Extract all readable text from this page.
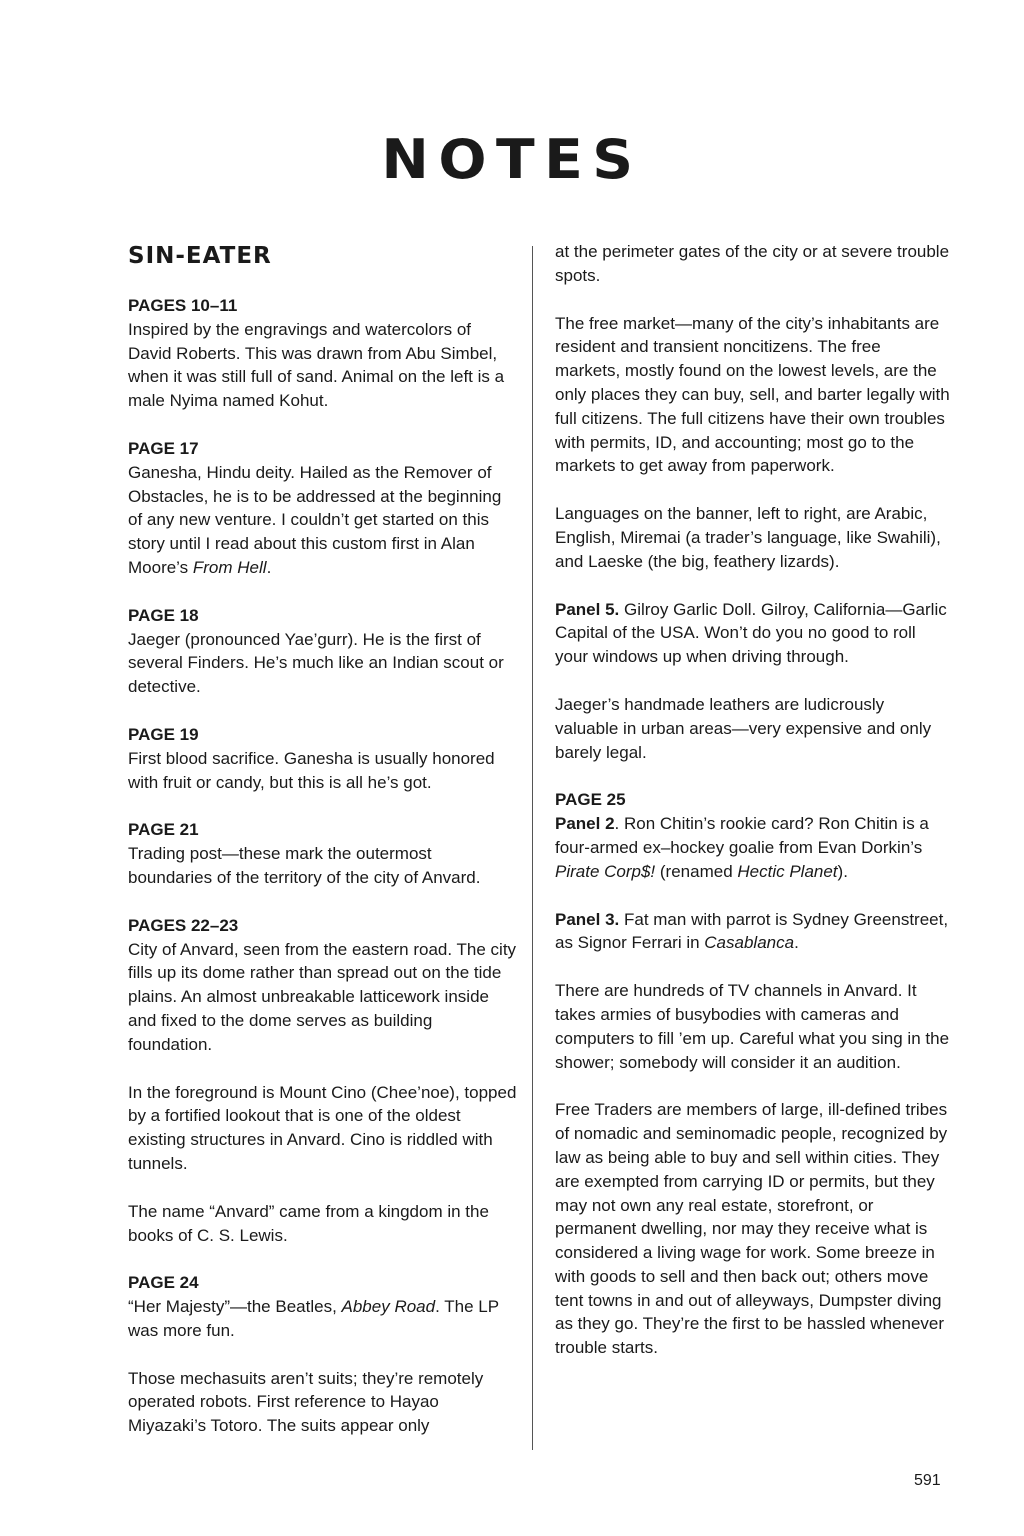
NOTES
SIN-EATER
PAGES 10–11

Inspired by the engravings and watercolors of David Roberts. This was drawn from Abu Simbel, when it was still full of sand. Animal on the left is a male Nyima named Kohut.

PAGE 17

Ganesha, Hindu deity. Hailed as the Remover of Obstacles, he is to be addressed at the beginning of any new venture. I couldn’t get started on this story until I read about this custom first in Alan Moore’s From Hell.

PAGE 18

Jaeger (pronounced Yae’gurr). He is the first of several Finders. He’s much like an Indian scout or detective.

PAGE 19

First blood sacrifice. Ganesha is usually honored with fruit or candy, but this is all he’s got.

PAGE 21

Trading post—these mark the outermost boundaries of the territory of the city of Anvard.

PAGES 22–23

City of Anvard, seen from the eastern road. The city fills up its dome rather than spread out on the tide plains. An almost unbreakable latticework inside and fixed to the dome serves as building foundation.

In the foreground is Mount Cino (Chee’noe), topped by a fortified lookout that is one of the oldest existing structures in Anvard. Cino is riddled with tunnels.

The name “Anvard” came from a kingdom in the books of C. S. Lewis.

PAGE 24

“Her Majesty”—the Beatles, Abbey Road. The LP was more fun.

Those mechasuits aren’t suits; they’re remotely operated robots. First reference to Hayao Miyazaki’s Totoro. The suits appear only

at the perimeter gates of the city or at severe trouble spots.

The free market—many of the city’s inhabitants are resident and transient noncitizens. The free markets, mostly found on the lowest levels, are the only places they can buy, sell, and barter legally with full citizens. The full citizens have their own troubles with permits, ID, and accounting; most go to the markets to get away from paperwork.

Languages on the banner, left to right, are Arabic, English, Miremai (a trader’s language, like Swahili), and Laeske (the big, feathery lizards).

Panel 5. Gilroy Garlic Doll. Gilroy, California—Garlic Capital of the USA. Won’t do you no good to roll your windows up when driving through.

Jaeger’s handmade leathers are ludicrously valuable in urban areas—very expensive and only barely legal.

PAGE 25

Panel 2. Ron Chitin’s rookie card? Ron Chitin is a four-armed ex–hockey goalie from Evan Dorkin’s Pirate Corp$! (renamed Hectic Planet).

Panel 3. Fat man with parrot is Sydney Greenstreet, as Signor Ferrari in Casablanca.

There are hundreds of TV channels in Anvard. It takes armies of busybodies with cameras and computers to fill ’em up. Careful what you sing in the shower; somebody will consider it an audition.

Free Traders are members of large, ill-defined tribes of nomadic and seminomadic people, recognized by law as being able to buy and sell within cities. They are exempted from carrying ID or permits, but they may not own any real estate, storefront, or permanent dwelling, nor may they receive what is considered a living wage for work. Some breeze in with goods to sell and then back out; others move tent towns in and out of alleyways, Dumpster diving as they go. They’re the first to be hassled whenever trouble starts.

591
